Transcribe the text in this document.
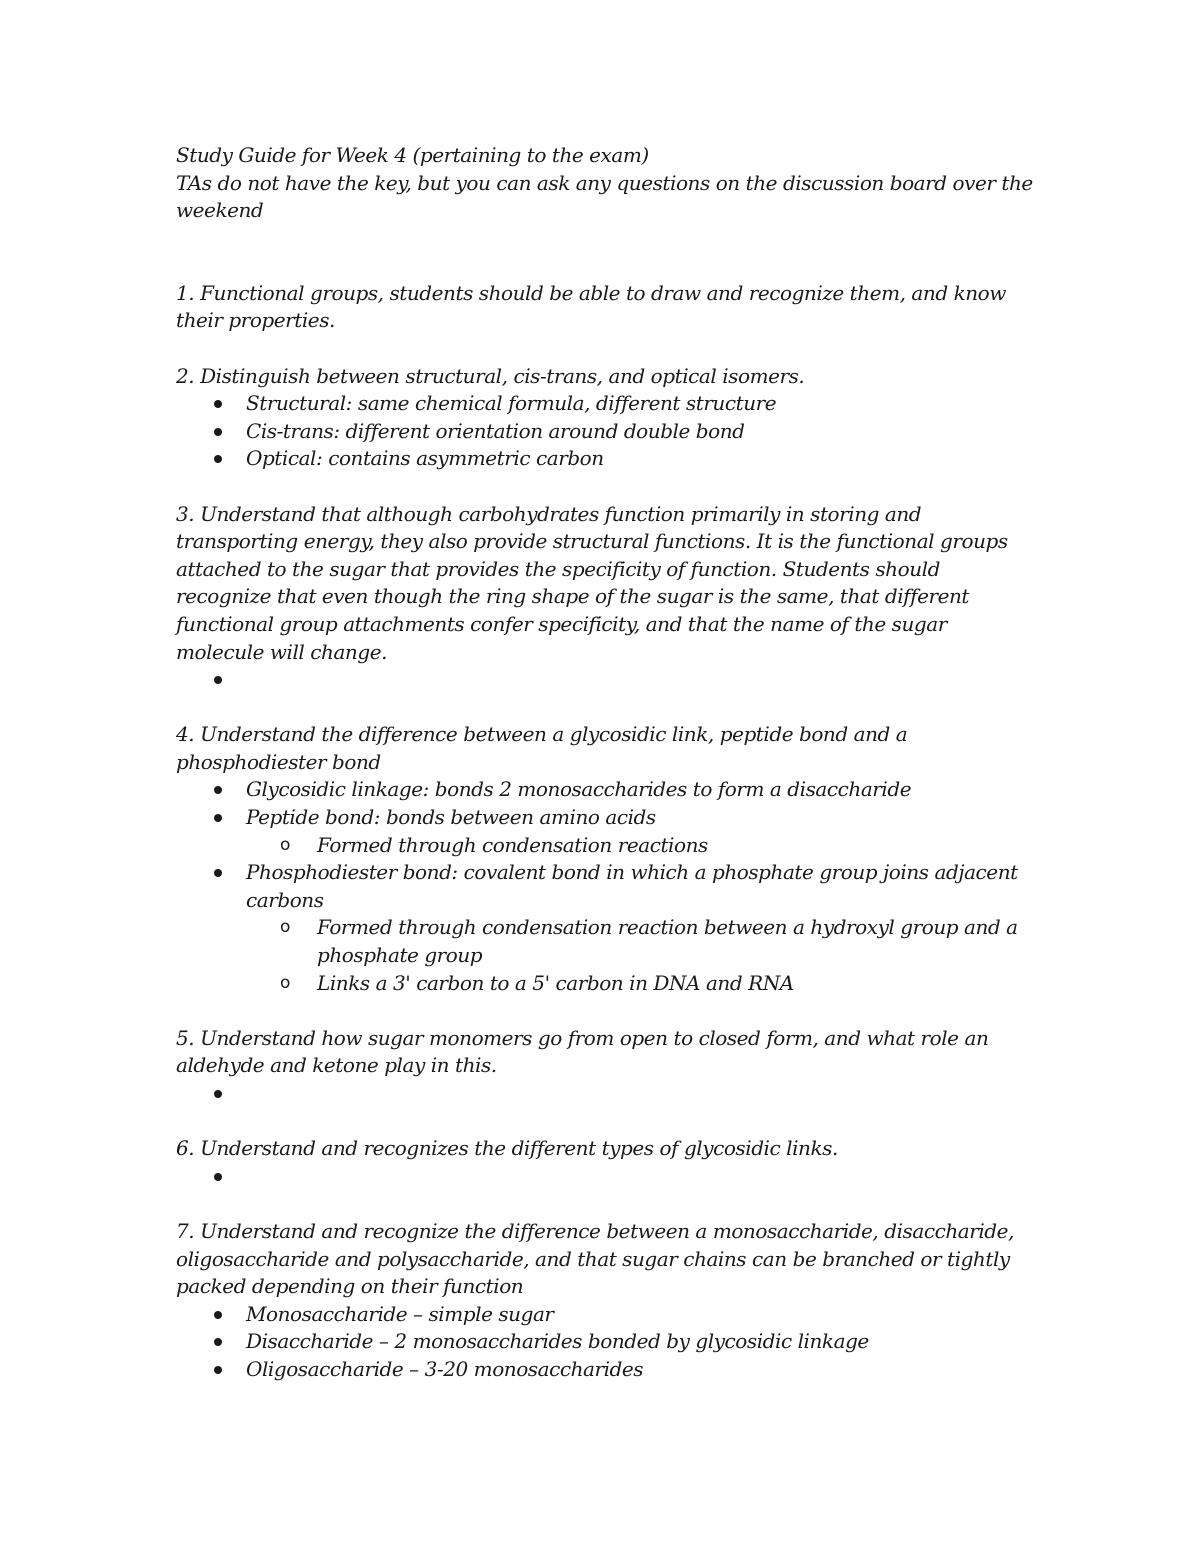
Study Guide for Week 4 (pertaining to the exam)

TAs do not have the key, but you can ask any questions on the discussion board over the weekend

1. Functional groups, students should be able to draw and recognize them, and know their properties.

2. Distinguish between structural, cis-trans, and optical isomers.

Structural: same chemical formula, different structure
Cis-trans: different orientation around double bond
Optical: contains asymmetric carbon

3. Understand that although carbohydrates function primarily in storing and transporting energy, they also provide structural functions. It is the functional groups attached to the sugar that provides the specificity of function. Students should recognize that even though the ring shape of the sugar is the same, that different functional group attachments confer specificity, and that the name of the sugar molecule will change.

4. Understand the difference between a glycosidic link, peptide bond and a phosphodiester bond

Glycosidic linkage: bonds 2 monosaccharides to form a disaccharide
Peptide bond: bonds between amino acids
o Formed through condensation reactions
Phosphodiester bond: covalent bond in which a phosphate group joins adjacent carbons
o Formed through condensation reaction between a hydroxyl group and a phosphate group
o Links a 3' carbon to a 5' carbon in DNA and RNA

5. Understand how sugar monomers go from open to closed form, and what role an aldehyde and ketone play in this.

6. Understand and recognizes the different types of glycosidic links.

7. Understand and recognize the difference between a monosaccharide, disaccharide, oligosaccharide and polysaccharide, and that sugar chains can be branched or tightly packed depending on their function

Monosaccharide – simple sugar
Disaccharide – 2 monosaccharides bonded by glycosidic linkage
Oligosaccharide – 3-20 monosaccharides
